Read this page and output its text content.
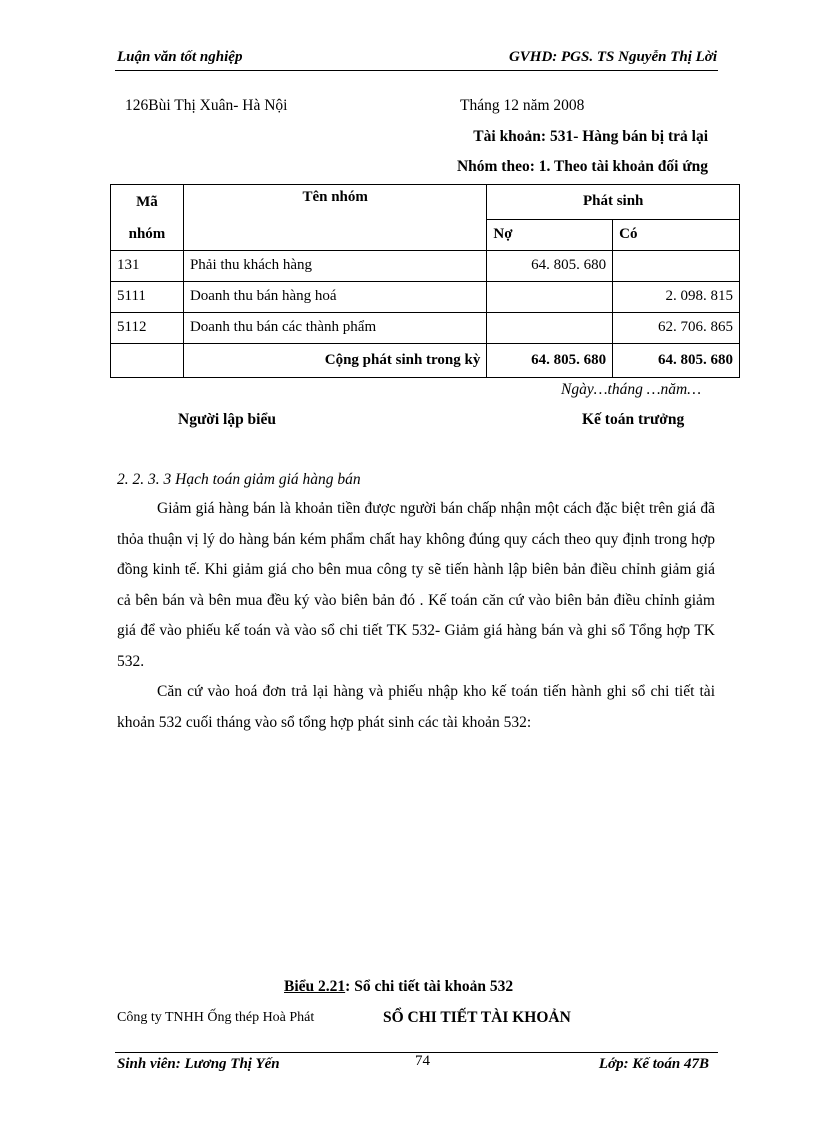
Luận văn tốt nghiệp	GVHD: PGS. TS Nguyễn Thị Lời
126Bùi Thị Xuân- Hà Nội	Tháng 12 năm 2008
Tài khoản: 531- Hàng bán bị trả lại
Nhóm theo: 1. Theo tài khoản đối ứng
Mã	Tên nhóm	Phát sinh	
nhóm		Nợ	Có
131	Phải thu khách hàng	64. 805. 680	
5111	Doanh thu bán hàng hoá		2. 098. 815
5112	Doanh thu bán các thành phẩm		62. 706. 865
	Cộng phát sinh trong kỳ	64. 805. 680	64. 805. 680
Ngày…tháng …năm…
Người lập biểu	Kế toán trưởng
2. 2. 3. 3 Hạch toán giảm giá hàng bán

Giảm giá hàng bán là khoản tiền được người bán chấp nhận một cách đặc biệt trên giá đã thỏa thuận vị lý do hàng bán kém phẩm chất hay không đúng quy cách theo quy định trong hợp đồng kinh tế. Khi giảm giá cho bên mua công ty sẽ tiến hành lập biên bản điều chỉnh giảm giá cả bên bán và bên mua đều ký vào biên bản đó . Kế toán căn cứ vào biên bản điều chỉnh giảm giá để vào phiếu kế toán và vào sổ chi tiết TK 532- Giảm giá hàng bán và ghi sổ Tổng hợp TK 532.

Căn cứ vào hoá đơn trả lại hàng và phiếu nhập kho kế toán tiến hành ghi sổ chi tiết tài khoản 532 cuối tháng vào sổ tổng hợp phát sinh các tài khoản 532:

Biểu 2.21: Sổ chi tiết tài khoản 532
Công ty TNHH Ống thép Hoà Phát	SỔ CHI TIẾT TÀI KHOẢN
Sinh viên: Lương Thị Yến	74	Lớp: Kế toán 47B
